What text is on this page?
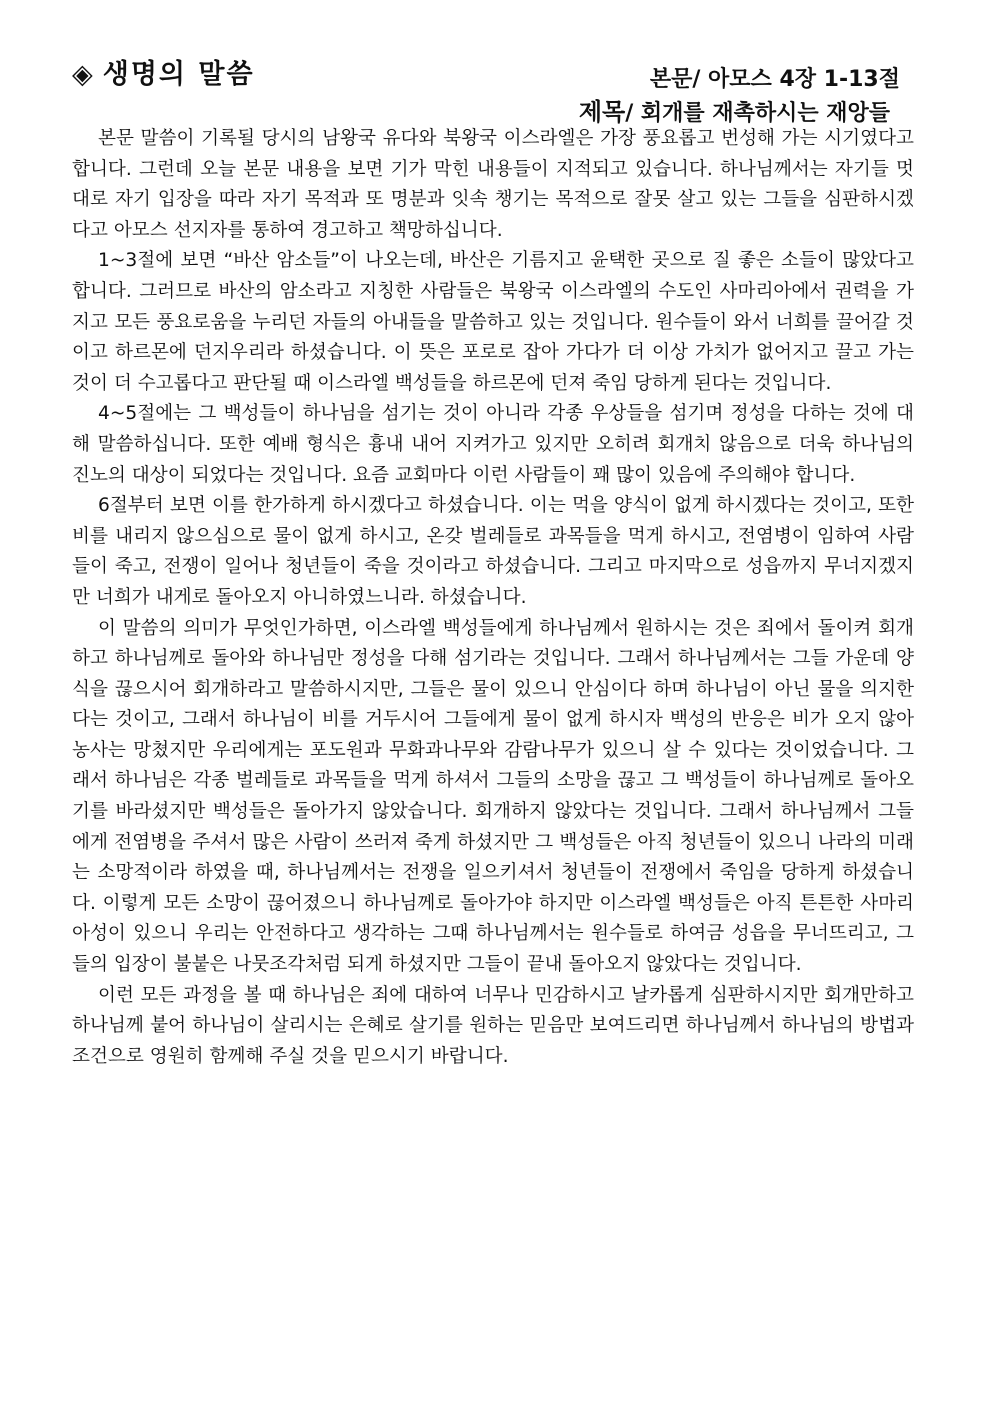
◈ 생명의 말씀	본문/ 아모스 4장 1-13절
제목/ 회개를 재촉하시는 재앙들

본문 말씀이 기록될 당시의 남왕국 유다와 북왕국 이스라엘은 가장 풍요롭고 번성해 가는 시기였다고 합니다. 그런데 오늘 본문 내용을 보면 기가 막힌 내용들이 지적되고 있습니다. 하나님께서는 자기들 멋대로 자기 입장을 따라 자기 목적과 또 명분과 잇속 챙기는 목적으로 잘못 살고 있는 그들을 심판하시겠다고 아모스 선지자를 통하여 경고하고 책망하십니다.

1~3절에 보면 “바산 암소들”이 나오는데, 바산은 기름지고 윤택한 곳으로 질 좋은 소들이 많았다고 합니다. 그러므로 바산의 암소라고 지칭한 사람들은 북왕국 이스라엘의 수도인 사마리아에서 권력을 가지고 모든 풍요로움을 누리던 자들의 아내들을 말씀하고 있는 것입니다. 원수들이 와서 너희를 끌어갈 것이고 하르몬에 던지우리라 하셨습니다. 이 뜻은 포로로 잡아 가다가 더 이상 가치가 없어지고 끌고 가는 것이 더 수고롭다고 판단될 때 이스라엘 백성들을 하르몬에 던져 죽임 당하게 된다는 것입니다.

4~5절에는 그 백성들이 하나님을 섬기는 것이 아니라 각종 우상들을 섬기며 정성을 다하는 것에 대해 말씀하십니다. 또한 예배 형식은 흉내 내어 지켜가고 있지만 오히려 회개치 않음으로 더욱 하나님의 진노의 대상이 되었다는 것입니다. 요즘 교회마다 이런 사람들이 꽤 많이 있음에 주의해야 합니다.

6절부터 보면 이를 한가하게 하시겠다고 하셨습니다. 이는 먹을 양식이 없게 하시겠다는 것이고, 또한 비를 내리지 않으심으로 물이 없게 하시고, 온갖 벌레들로 과목들을 먹게 하시고, 전염병이 임하여 사람들이 죽고, 전쟁이 일어나 청년들이 죽을 것이라고 하셨습니다. 그리고 마지막으로 성읍까지 무너지겠지만 너희가 내게로 돌아오지 아니하였느니라. 하셨습니다.

이 말씀의 의미가 무엇인가하면, 이스라엘 백성들에게 하나님께서 원하시는 것은 죄에서 돌이켜 회개하고 하나님께로 돌아와 하나님만 정성을 다해 섬기라는 것입니다. 그래서 하나님께서는 그들 가운데 양식을 끊으시어 회개하라고 말씀하시지만, 그들은 물이 있으니 안심이다 하며 하나님이 아닌 물을 의지한다는 것이고, 그래서 하나님이 비를 거두시어 그들에게 물이 없게 하시자 백성의 반응은 비가 오지 않아 농사는 망쳤지만 우리에게는 포도원과 무화과나무와 감람나무가 있으니 살 수 있다는 것이었습니다. 그래서 하나님은 각종 벌레들로 과목들을 먹게 하셔서 그들의 소망을 끊고 그 백성들이 하나님께로 돌아오기를 바라셨지만 백성들은 돌아가지 않았습니다. 회개하지 않았다는 것입니다. 그래서 하나님께서 그들에게 전염병을 주셔서 많은 사람이 쓰러져 죽게 하셨지만 그 백성들은 아직 청년들이 있으니 나라의 미래는 소망적이라 하였을 때, 하나님께서는 전쟁을 일으키셔서 청년들이 전쟁에서 죽임을 당하게 하셨습니다. 이렇게 모든 소망이 끊어졌으니 하나님께로 돌아가야 하지만 이스라엘 백성들은 아직 튼튼한 사마리아성이 있으니 우리는 안전하다고 생각하는 그때 하나님께서는 원수들로 하여금 성읍을 무너뜨리고, 그들의 입장이 불붙은 나뭇조각처럼 되게 하셨지만 그들이 끝내 돌아오지 않았다는 것입니다.

이런 모든 과정을 볼 때 하나님은 죄에 대하여 너무나 민감하시고 날카롭게 심판하시지만 회개만하고 하나님께 붙어 하나님이 살리시는 은혜로 살기를 원하는 믿음만 보여드리면 하나님께서 하나님의 방법과 조건으로 영원히 함께해 주실 것을 믿으시기 바랍니다.
